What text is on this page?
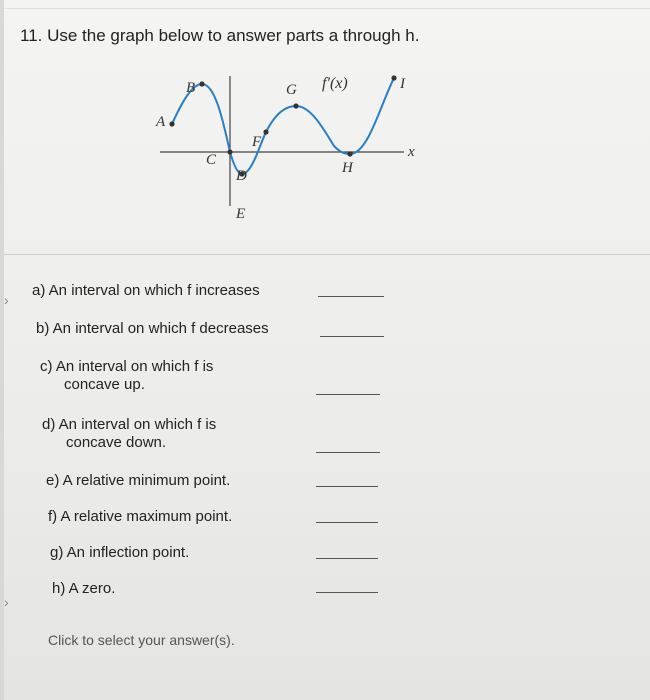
11. Use the graph below to answer parts a through h.
A
B
C
D
E
F
G
H
I
f′(x)
x
›
›
a) An interval on which f increases
b) An interval on which f decreases
c) An interval on which f is
concave up.
d) An interval on which f is
concave down.
e) A relative minimum point.
f) A relative maximum point.
g) An inflection point.
h) A zero.
Click to select your answer(s).
